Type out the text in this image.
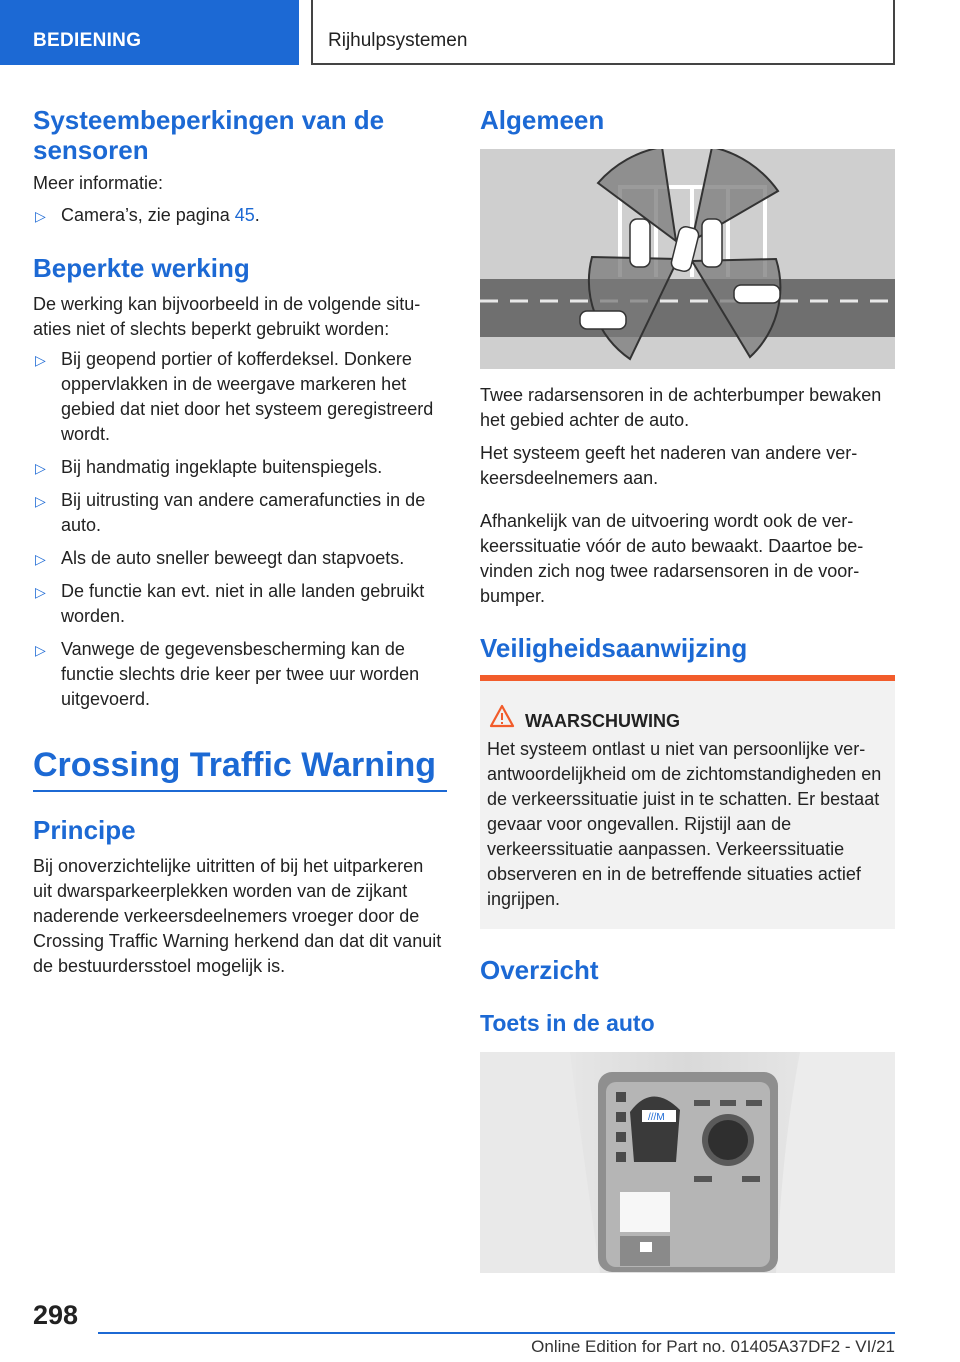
BEDIENING	Rijhulpsystemen
Systeembeperkingen van de sensoren

Meer informatie:

▷ Camera’s, zie pagina 45.
Beperkte werking

De werking kan bijvoorbeeld in de volgende situaties niet of slechts beperkt gebruikt worden:

▷ Bij geopend portier of kofferdeksel. Donkere oppervlakken in de weergave markeren het gebied dat niet door het systeem geregistreerd wordt.
▷ Bij handmatig ingeklapte buitenspiegels.
▷ Bij uitrusting van andere camerafuncties in de auto.
▷ Als de auto sneller beweegt dan stapvoets.
▷ De functie kan evt. niet in alle landen gebruikt worden.
▷ Vanwege de gegevensbescherming kan de functie slechts drie keer per twee uur worden uitgevoerd.
Crossing Traffic Warning
Principe

Bij onoverzichtelijke uitritten of bij het uitparkeren uit dwarsparkeerplekken worden van de zijkant naderende verkeersdeelnemers vroeger door de Crossing Traffic Warning herkend dan dat dit vanuit de bestuurdersstoel mogelijk is.

Algemeen

Twee radarsensoren in de achterbumper bewaken het gebied achter de auto.

Het systeem geeft het naderen van andere verkeersdeelnemers aan.

Afhankelijk van de uitvoering wordt ook de verkeerssituatie vóór de auto bewaakt. Daartoe bevinden zich nog twee radarsensoren in de voorbumper.

Veiligheidsaanwijzing
WAARSCHUWING

Het systeem ontlast u niet van persoonlijke verantwoordelijkheid om de zichtomstandigheden en de verkeerssituatie juist in te schatten. Er bestaat gevaar voor ongevallen. Rijstijl aan de verkeerssituatie aanpassen. Verkeerssituatie observeren en in de betreffende situaties actief ingrijpen.

Overzicht
Toets in de auto
///M
298
Online Edition for Part no. 01405A37DF2 - VI/21
